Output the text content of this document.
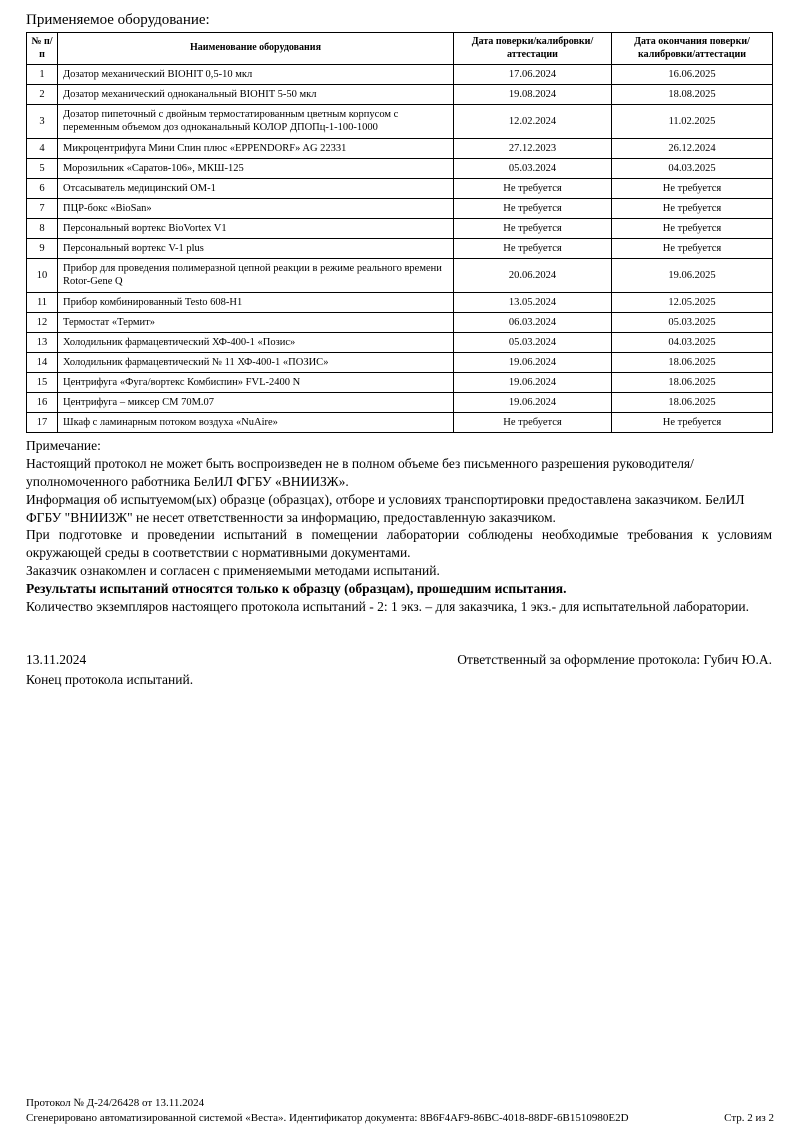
Применяемое оборудование:
№ п/п	Наименование оборудования	Дата поверки/калибровки/аттестации	Дата окончания поверки/калибровки/аттестации
1	Дозатор механический BIOHIT 0,5-10 мкл	17.06.2024	16.06.2025
2	Дозатор механический одноканальный BIOHIT 5-50 мкл	19.08.2024	18.08.2025
3	Дозатор пипеточный с двойным термостатированным цветным корпусом с переменным объемом доз одноканальный КОЛОР ДПОПц-1-100-1000	12.02.2024	11.02.2025
4	Микроцентрифуга Мини Спин плюс «EPPENDORF» AG 22331	27.12.2023	26.12.2024
5	Морозильник «Саратов-106», МКШ-125	05.03.2024	04.03.2025
6	Отсасыватель медицинский ОМ-1	Не требуется	Не требуется
7	ПЦР-бокс «BioSan»	Не требуется	Не требуется
8	Персональный вортекс BioVortex V1	Не требуется	Не требуется
9	Персональный вортекс V-1 plus	Не требуется	Не требуется
10	Прибор для проведения полимеразной цепной реакции в режиме реального времени Rotor-Gene Q	20.06.2024	19.06.2025
11	Прибор комбинированный Testo 608-H1	13.05.2024	12.05.2025
12	Термостат «Термит»	06.03.2024	05.03.2025
13	Холодильник фармацевтический ХФ-400-1 «Позис»	05.03.2024	04.03.2025
14	Холодильник фармацевтический № 11 ХФ-400-1 «ПОЗИС»	19.06.2024	18.06.2025
15	Центрифуга «Фуга/вортекс Комбиспин» FVL-2400 N	19.06.2024	18.06.2025
16	Центрифуга – миксер СМ 70М.07	19.06.2024	18.06.2025
17	Шкаф с ламинарным потоком воздуха «NuAire»	Не требуется	Не требуется

Примечание:

Настоящий протокол не может быть воспроизведен не в полном объеме без письменного разрешения руководителя/уполномоченного работника БелИЛ ФГБУ «ВНИИЗЖ».

Информация об испытуемом(ых) образце (образцах), отборе и условиях транспортировки предоставлена заказчиком. БелИЛ ФГБУ "ВНИИЗЖ" не несет ответственности за информацию, предоставленную заказчиком.

При подготовке и проведении испытаний в помещении лаборатории соблюдены необходимые требования к условиям окружающей среды в соответствии с нормативными документами.

Заказчик ознакомлен и согласен с применяемыми методами испытаний.

Результаты испытаний относятся только к образцу (образцам), прошедшим испытания.

Количество экземпляров настоящего протокола испытаний - 2: 1 экз. – для заказчика, 1 экз.- для испытательной лаборатории.

13.11.2024	Ответственный за оформление протокола: Губич Ю.А.
Конец протокола испытаний.
Протокол № Д-24/26428 от 13.11.2024
Сгенерировано автоматизированной системой «Веста». Идентификатор документа: 8B6F4AF9-86BC-4018-88DF-6B1510980E2D	Стр. 2 из 2
